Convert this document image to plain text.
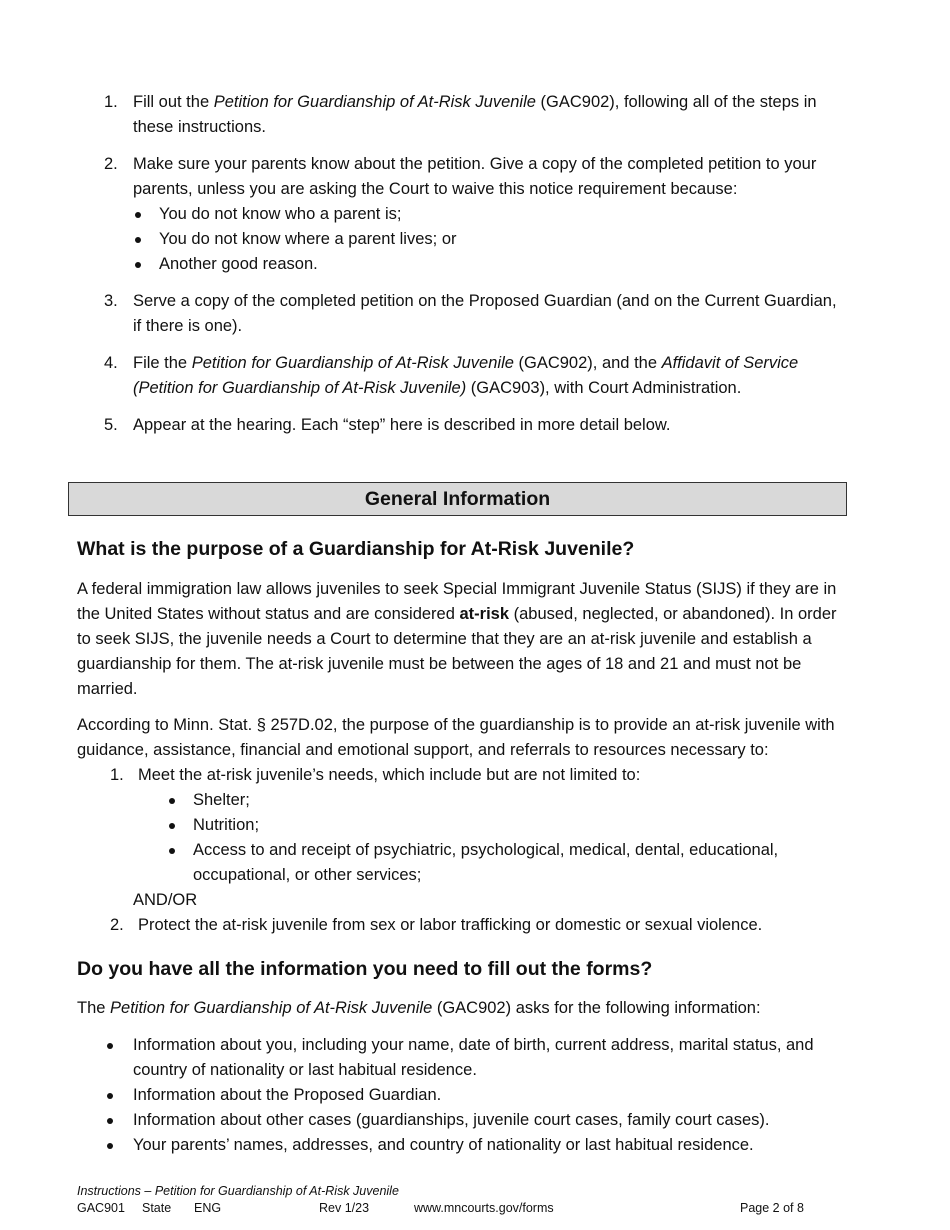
1. Fill out the Petition for Guardianship of At-Risk Juvenile (GAC902), following all of the steps in these instructions.

2. Make sure your parents know about the petition. Give a copy of the completed petition to your parents, unless you are asking the Court to waive this notice requirement because:

You do not know who a parent is;
You do not know where a parent lives; or
Another good reason.
3. Serve a copy of the completed petition on the Proposed Guardian (and on the Current Guardian, if there is one).

4. File the Petition for Guardianship of At-Risk Juvenile (GAC902), and the Affidavit of Service (Petition for Guardianship of At-Risk Juvenile) (GAC903), with Court Administration.

5. Appear at the hearing. Each “step” here is described in more detail below.

General Information
What is the purpose of a Guardianship for At-Risk Juvenile?

A federal immigration law allows juveniles to seek Special Immigrant Juvenile Status (SIJS) if they are in the United States without status and are considered at-risk (abused, neglected, or abandoned). In order to seek SIJS, the juvenile needs a Court to determine that they are an at-risk juvenile and establish a guardianship for them. The at-risk juvenile must be between the ages of 18 and 21 and must not be married.

According to Minn. Stat. § 257D.02, the purpose of the guardianship is to provide an at-risk juvenile with guidance, assistance, financial and emotional support, and referrals to resources necessary to:

1. Meet the at-risk juvenile’s needs, which include but are not limited to:
Shelter;
Nutrition;
Access to and receipt of psychiatric, psychological, medical, dental, educational, occupational, or other services;
AND/OR
2. Protect the at-risk juvenile from sex or labor trafficking or domestic or sexual violence.
Do you have all the information you need to fill out the forms?

The Petition for Guardianship of At-Risk Juvenile (GAC902) asks for the following information:

Information about you, including your name, date of birth, current address, marital status, and country of nationality or last habitual residence.
Information about the Proposed Guardian.
Information about other cases (guardianships, juvenile court cases, family court cases).
Your parents’ names, addresses, and country of nationality or last habitual residence.
Instructions – Petition for Guardianship of At-Risk Juvenile
GAC901 State ENG	Rev 1/23	www.mncourts.gov/forms	Page 2 of 8
